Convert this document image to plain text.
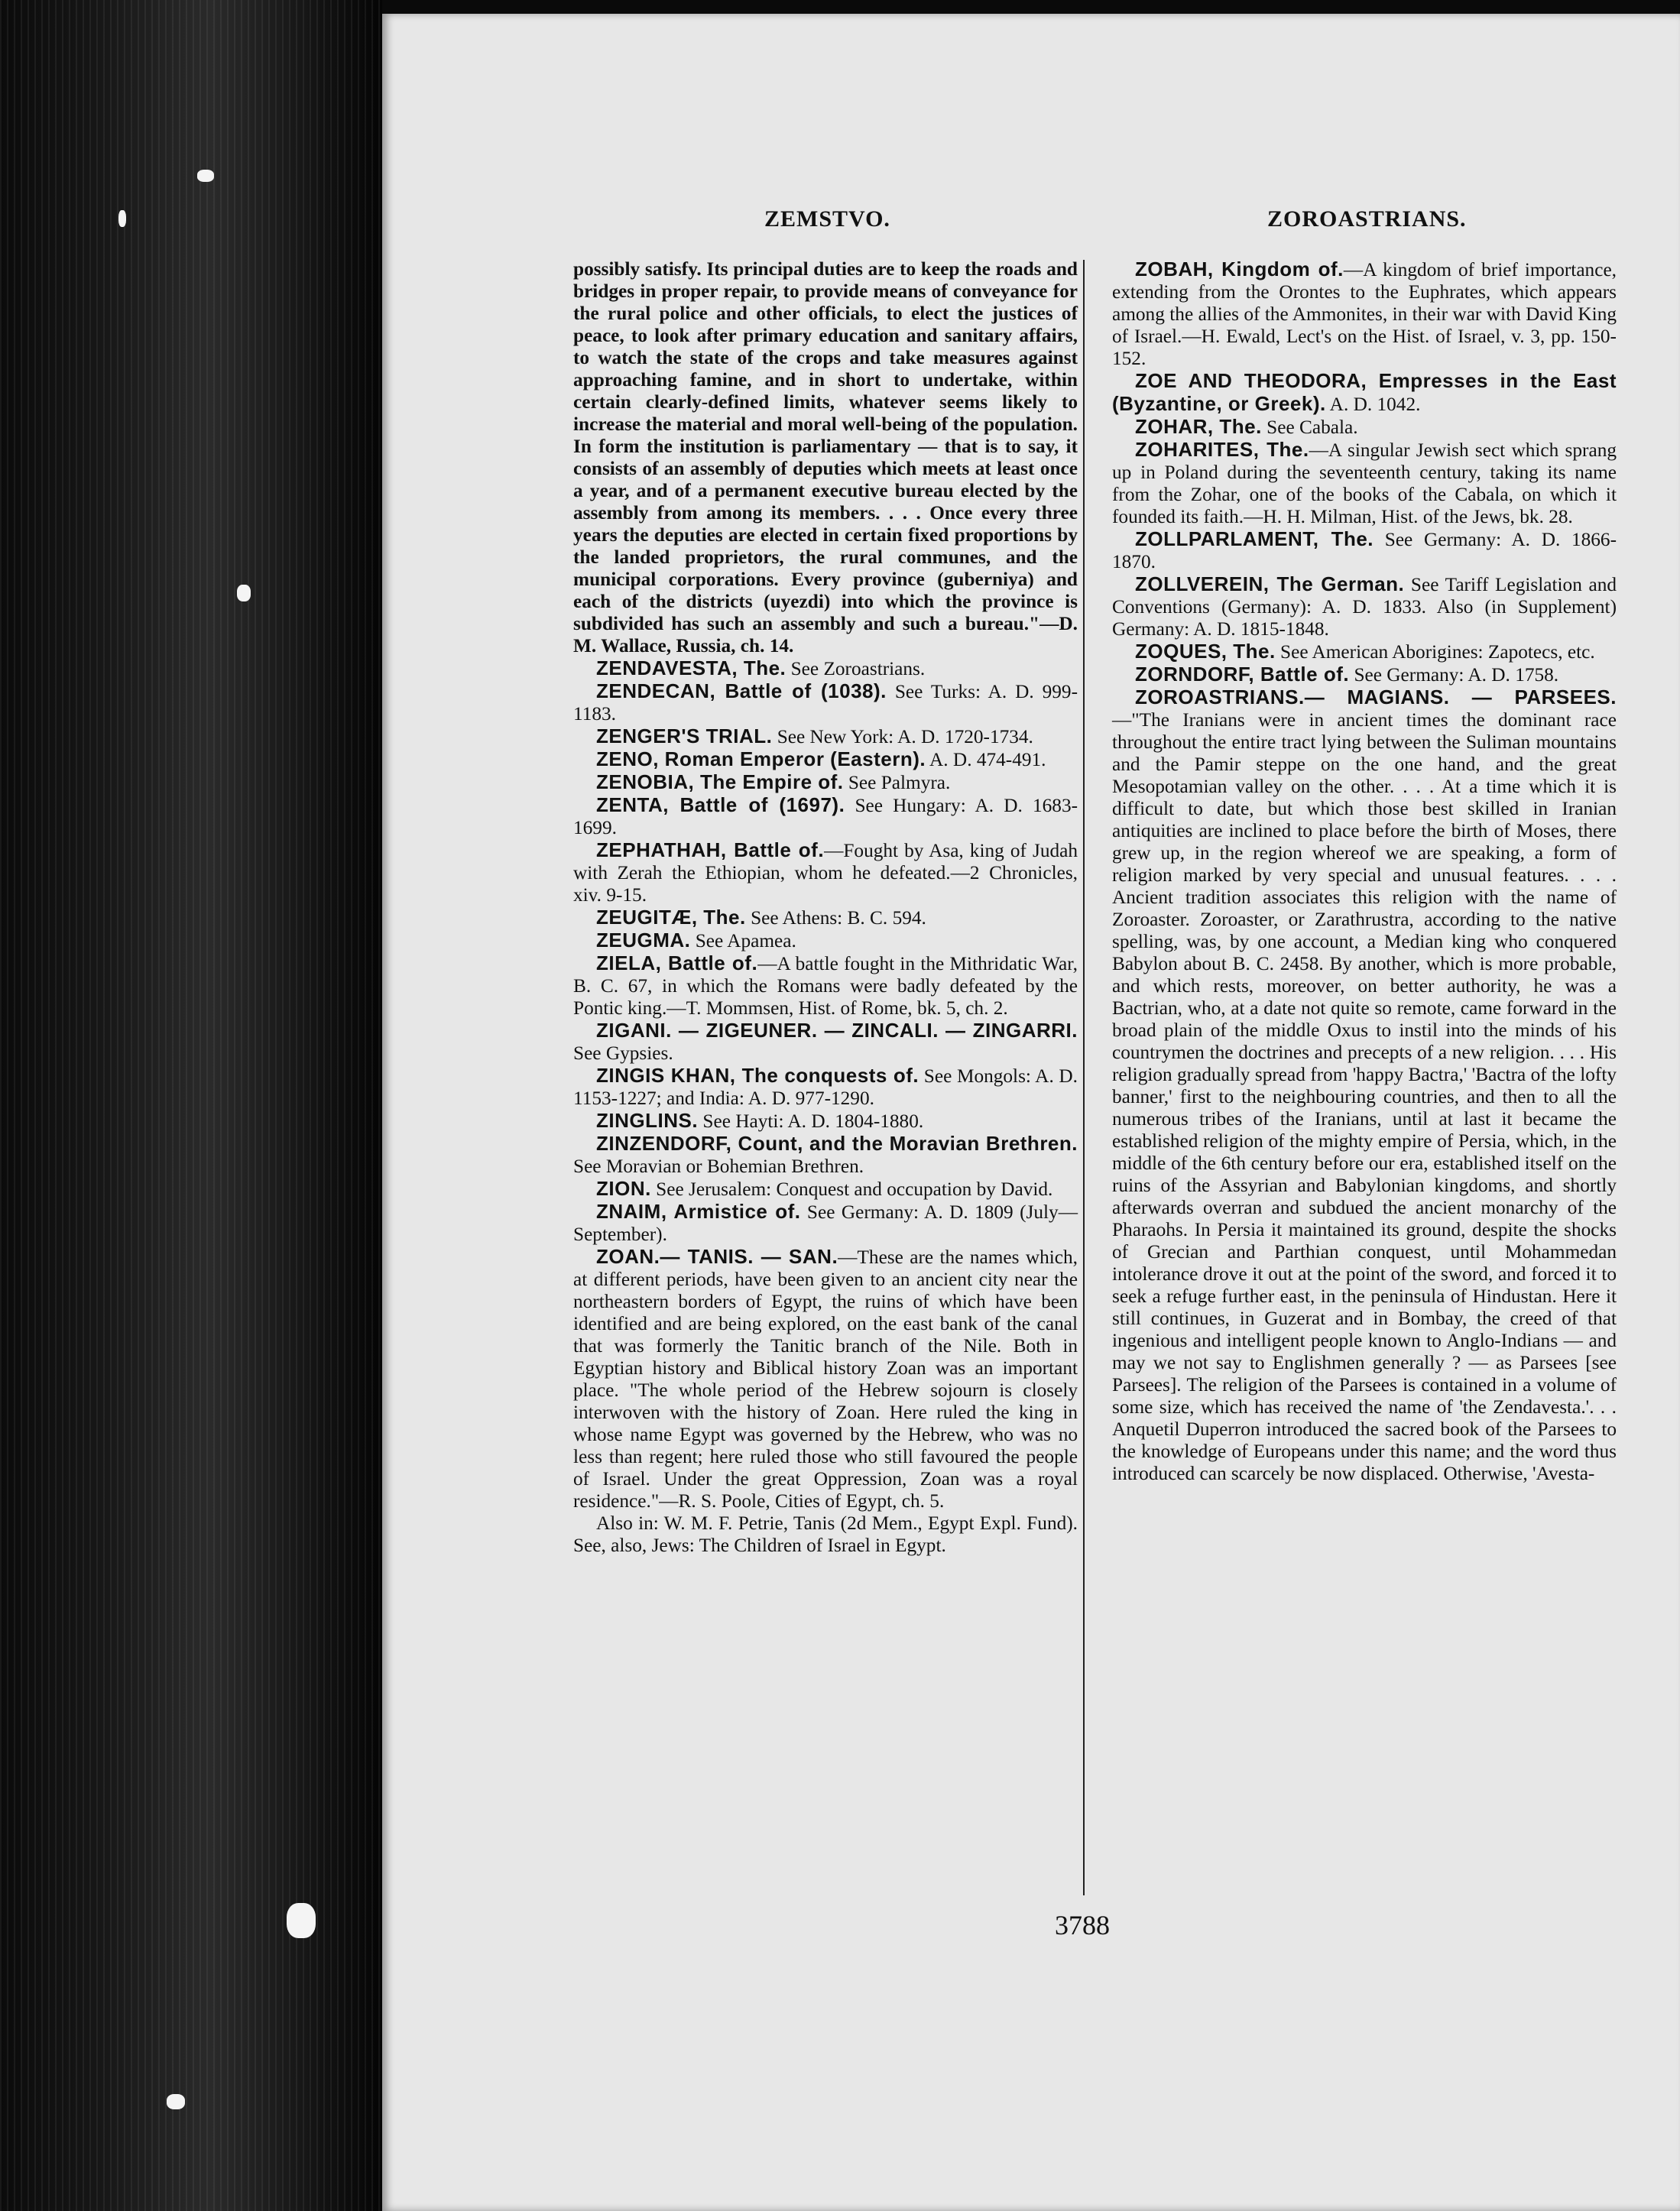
ZEMSTVO.	ZOROASTRIANS.

possibly satisfy. Its principal duties are to keep the roads and bridges in proper repair, to provide means of conveyance for the rural police and other officials, to elect the justices of peace, to look after primary education and sanitary affairs, to watch the state of the crops and take measures against approaching famine, and in short to undertake, within certain clearly-defined limits, whatever seems likely to increase the material and moral well-being of the population. In form the institution is parliamentary — that is to say, it consists of an assembly of deputies which meets at least once a year, and of a permanent executive bureau elected by the assembly from among its members. . . . Once every three years the deputies are elected in certain fixed proportions by the landed proprietors, the rural communes, and the municipal corporations. Every province (guberniya) and each of the districts (uyezdi) into which the province is subdivided has such an assembly and such a bureau."—D. M. Wallace, Russia, ch. 14.

ZENDAVESTA, The. See Zoroastrians.

ZENDECAN, Battle of (1038). See Turks: A. D. 999-1183.

ZENGER'S TRIAL. See New York: A. D. 1720-1734.

ZENO, Roman Emperor (Eastern). A. D. 474-491.

ZENOBIA, The Empire of. See Palmyra.

ZENTA, Battle of (1697). See Hungary: A. D. 1683-1699.

ZEPHATHAH, Battle of.—Fought by Asa, king of Judah with Zerah the Ethiopian, whom he defeated.—2 Chronicles, xiv. 9-15.

ZEUGITÆ, The. See Athens: B. C. 594.

ZEUGMA. See Apamea.

ZIELA, Battle of.—A battle fought in the Mithridatic War, B. C. 67, in which the Romans were badly defeated by the Pontic king.—T. Mommsen, Hist. of Rome, bk. 5, ch. 2.

ZIGANI. — ZIGEUNER. — ZINCALI. — ZINGARRI. See Gypsies.

ZINGIS KHAN, The conquests of. See Mongols: A. D. 1153-1227; and India: A. D. 977-1290.

ZINGLINS. See Hayti: A. D. 1804-1880.

ZINZENDORF, Count, and the Moravian Brethren. See Moravian or Bohemian Brethren.

ZION. See Jerusalem: Conquest and occupation by David.

ZNAIM, Armistice of. See Germany: A. D. 1809 (July—September).

ZOAN.— TANIS. — SAN.—These are the names which, at different periods, have been given to an ancient city near the northeastern borders of Egypt, the ruins of which have been identified and are being explored, on the east bank of the canal that was formerly the Tanitic branch of the Nile. Both in Egyptian history and Biblical history Zoan was an important place. "The whole period of the Hebrew sojourn is closely interwoven with the history of Zoan. Here ruled the king in whose name Egypt was governed by the Hebrew, who was no less than regent; here ruled those who still favoured the people of Israel. Under the great Oppression, Zoan was a royal residence."—R. S. Poole, Cities of Egypt, ch. 5.

Also in: W. M. F. Petrie, Tanis (2d Mem., Egypt Expl. Fund). See, also, Jews: The Children of Israel in Egypt.

ZOBAH, Kingdom of.—A kingdom of brief importance, extending from the Orontes to the Euphrates, which appears among the allies of the Ammonites, in their war with David King of Israel.—H. Ewald, Lect's on the Hist. of Israel, v. 3, pp. 150-152.

ZOE AND THEODORA, Empresses in the East (Byzantine, or Greek). A. D. 1042.

ZOHAR, The. See Cabala.

ZOHARITES, The.—A singular Jewish sect which sprang up in Poland during the seventeenth century, taking its name from the Zohar, one of the books of the Cabala, on which it founded its faith.—H. H. Milman, Hist. of the Jews, bk. 28.

ZOLLPARLAMENT, The. See Germany: A. D. 1866-1870.

ZOLLVEREIN, The German. See Tariff Legislation and Conventions (Germany): A. D. 1833. Also (in Supplement) Germany: A. D. 1815-1848.

ZOQUES, The. See American Aborigines: Zapotecs, etc.

ZORNDORF, Battle of. See Germany: A. D. 1758.

ZOROASTRIANS.— MAGIANS. — PARSEES.—"The Iranians were in ancient times the dominant race throughout the entire tract lying between the Suliman mountains and the Pamir steppe on the one hand, and the great Mesopotamian valley on the other. . . . At a time which it is difficult to date, but which those best skilled in Iranian antiquities are inclined to place before the birth of Moses, there grew up, in the region whereof we are speaking, a form of religion marked by very special and unusual features. . . . Ancient tradition associates this religion with the name of Zoroaster. Zoroaster, or Zarathrustra, according to the native spelling, was, by one account, a Median king who conquered Babylon about B. C. 2458. By another, which is more probable, and which rests, moreover, on better authority, he was a Bactrian, who, at a date not quite so remote, came forward in the broad plain of the middle Oxus to instil into the minds of his countrymen the doctrines and precepts of a new religion. . . . His religion gradually spread from 'happy Bactra,' 'Bactra of the lofty banner,' first to the neighbouring countries, and then to all the numerous tribes of the Iranians, until at last it became the established religion of the mighty empire of Persia, which, in the middle of the 6th century before our era, established itself on the ruins of the Assyrian and Babylonian kingdoms, and shortly afterwards overran and subdued the ancient monarchy of the Pharaohs. In Persia it maintained its ground, despite the shocks of Grecian and Parthian conquest, until Mohammedan intolerance drove it out at the point of the sword, and forced it to seek a refuge further east, in the peninsula of Hindustan. Here it still continues, in Guzerat and in Bombay, the creed of that ingenious and intelligent people known to Anglo-Indians — and may we not say to Englishmen generally ? — as Parsees [see Parsees]. The religion of the Parsees is contained in a volume of some size, which has received the name of 'the Zendavesta.'. . . Anquetil Duperron introduced the sacred book of the Parsees to the knowledge of Europeans under this name; and the word thus introduced can scarcely be now displaced. Otherwise, 'Avesta-

3788
